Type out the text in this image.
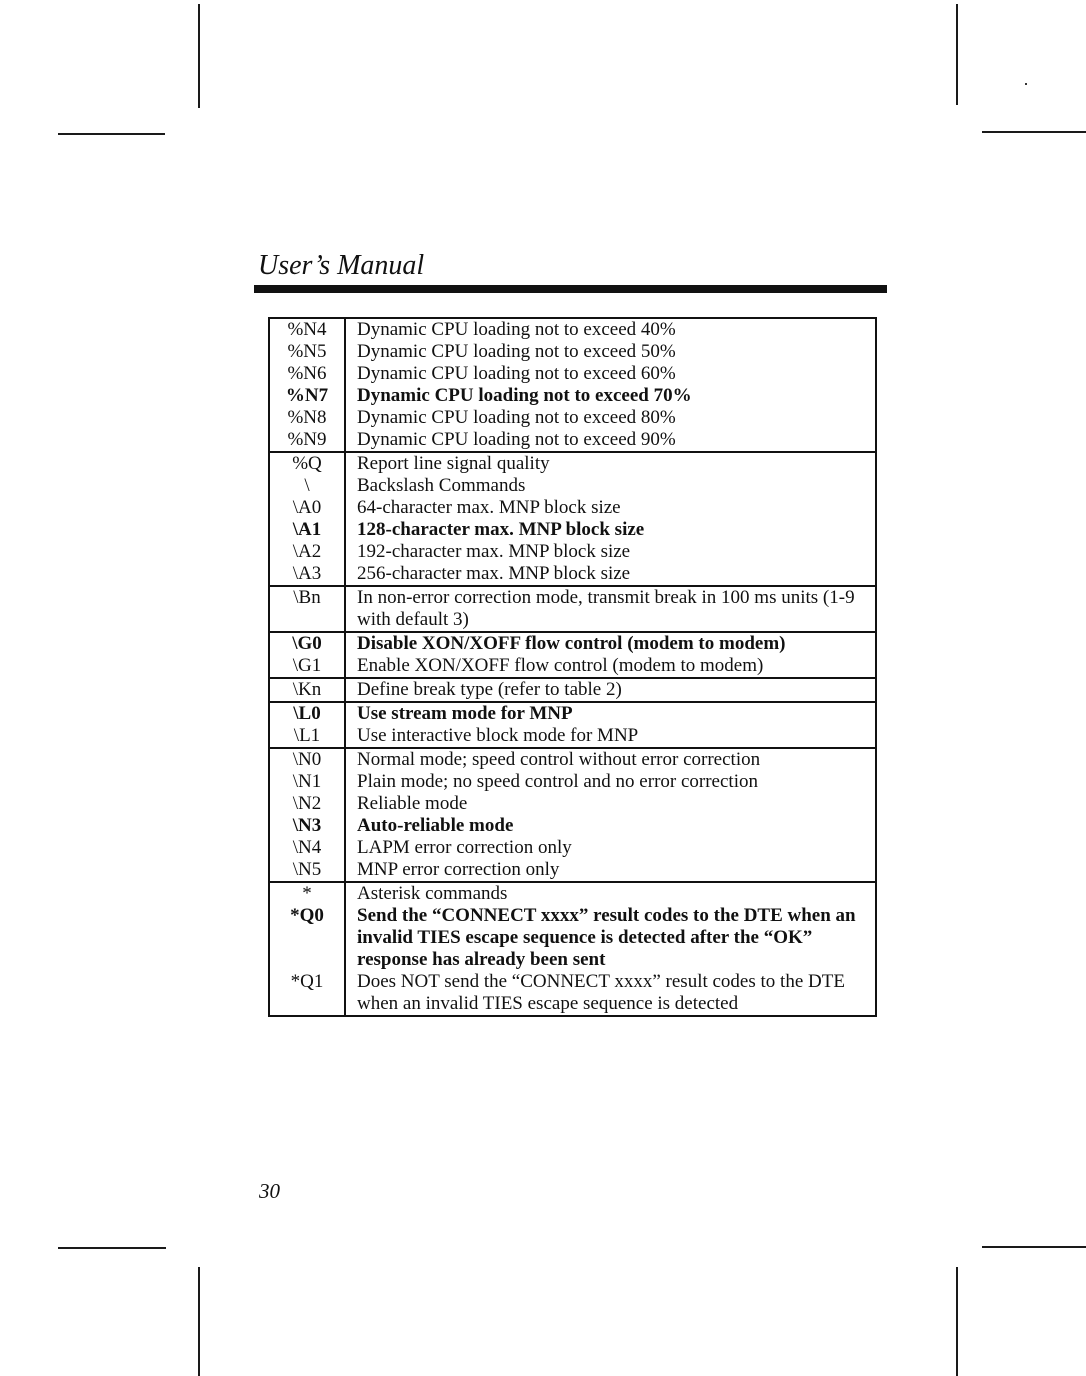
User’s Manual
%N4	Dynamic CPU loading not to exceed 40%
%N5	Dynamic CPU loading not to exceed 50%
%N6	Dynamic CPU loading not to exceed 60%
%N7	Dynamic CPU loading not to exceed 70%
%N8	Dynamic CPU loading not to exceed 80%
%N9	Dynamic CPU loading not to exceed 90%
%Q	Report line signal quality
\	Backslash Commands
\A0	64-character max. MNP block size
\A1	128-character max. MNP block size
\A2	192-character max. MNP block size
\A3	256-character max. MNP block size
\Bn	In non-error correction mode, transmit break in 100 ms units (1-9 with default 3)
\G0	Disable XON/XOFF flow control (modem to modem)
\G1	Enable XON/XOFF flow control (modem to modem)
\Kn	Define break type (refer to table 2)
\L0	Use stream mode for MNP
\L1	Use interactive block mode for MNP
\N0	Normal mode; speed control without error correction
\N1	Plain mode; no speed control and no error correction
\N2	Reliable mode
\N3	Auto-reliable mode
\N4	LAPM error correction only
\N5	MNP error correction only
*	Asterisk commands
*Q0	Send the “CONNECT xxxx” result codes to the DTE when an invalid TIES escape sequence is detected after the “OK” response has already been sent
*Q1	Does NOT send the “CONNECT xxxx” result codes to the DTE when an invalid TIES escape sequence is detected
30
